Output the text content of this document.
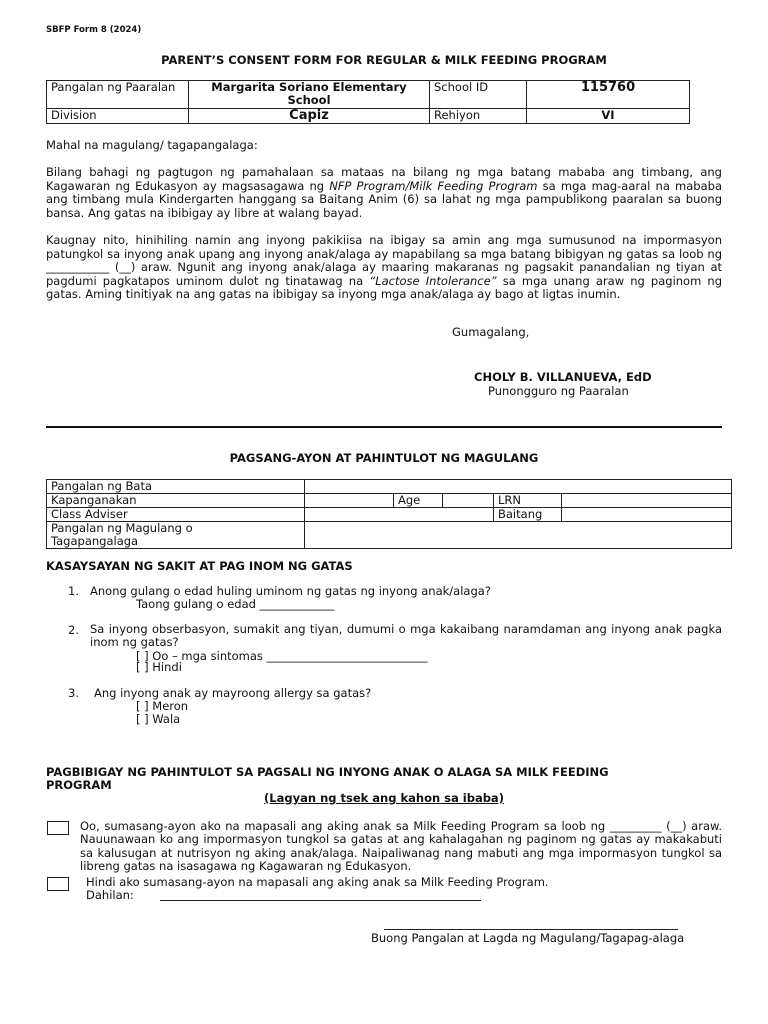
SBFP Form 8 (2024)
PARENT’S CONSENT FORM FOR REGULAR & MILK FEEDING PROGRAM
Pangalan ng Paaralan	Margarita Soriano Elementary School	School ID	115760
Division	Capiz	Rehiyon	VI
Mahal na magulang/ tagapangalaga:
Bilang bahagi ng pagtugon ng pamahalaan sa mataas na bilang ng mga batang mababa ang timbang, ang Kagawaran ng Edukasyon ay magsasagawa ng NFP Program/Milk Feeding Program sa mga mag-aaral na mababa ang timbang mula Kindergarten hanggang sa Baitang Anim (6) sa lahat ng mga pampublikong paaralan sa buong bansa. Ang gatas na ibibigay ay libre at walang bayad.
Kaugnay nito, hinihiling namin ang inyong pakikiisa na ibigay sa amin ang mga sumusunod na impormasyon patungkol sa inyong anak upang ang inyong anak/alaga ay mapabilang sa mga batang bibigyan ng gatas sa loob ng ___________ (__) araw. Ngunit ang inyong anak/alaga ay maaring makaranas ng pagsakit panandalian ng tiyan at pagdumi pagkatapos uminom dulot ng tinatawag na “Lactose Intolerance” sa mga unang araw ng paginom ng gatas. Aming tinitiyak na ang gatas na ibibigay sa inyong mga anak/alaga ay bago at ligtas inumin.
Gumagalang,
CHOLY B. VILLANUEVA, EdD
Punongguro ng Paaralan
PAGSANG-AYON AT PAHINTULOT NG MAGULANG
Pangalan ng Bata				
Kapanganakan		Age		LRN

Class Adviser				Baitang

Pangalan ng Magulang o
Tagapangalaga				

KASAYSAYAN NG SAKIT AT PAG INOM NG GATAS
1. Anong gulang o edad huling uminom ng gatas ng inyong anak/alaga?
Taong gulang o edad _____________
2. Sa inyong obserbasyon, sumakit ang tiyan, dumumi o mga kakaibang naramdaman ang inyong anak pagka inom ng gatas?
[ ] Oo – mga sintomas ____________________________
[ ] Hindi
3. Ang inyong anak ay mayroong allergy sa gatas?
[ ] Meron
[ ] Wala
PAGBIBIGAY NG PAHINTULOT SA PAGSALI NG INYONG ANAK O ALAGA SA MILK FEEDING
PROGRAM
(Lagyan ng tsek ang kahon sa ibaba)
Oo, sumasang-ayon ako na mapasali ang aking anak sa Milk Feeding Program sa loob ng _________ (__) araw. Nauunawaan ko ang impormasyon tungkol sa gatas at ang kahalagahan ng paginom ng gatas ay makakabuti sa kalusugan at nutrisyon ng aking anak/alaga. Naipaliwanag nang mabuti ang mga impormasyon tungkol sa libreng gatas na isasagawa ng Kagawaran ng Edukasyon.
Hindi ako sumasang-ayon na mapasali ang aking anak sa Milk Feeding Program.
Dahilan:
Buong Pangalan at Lagda ng Magulang/Tagapag-alaga
